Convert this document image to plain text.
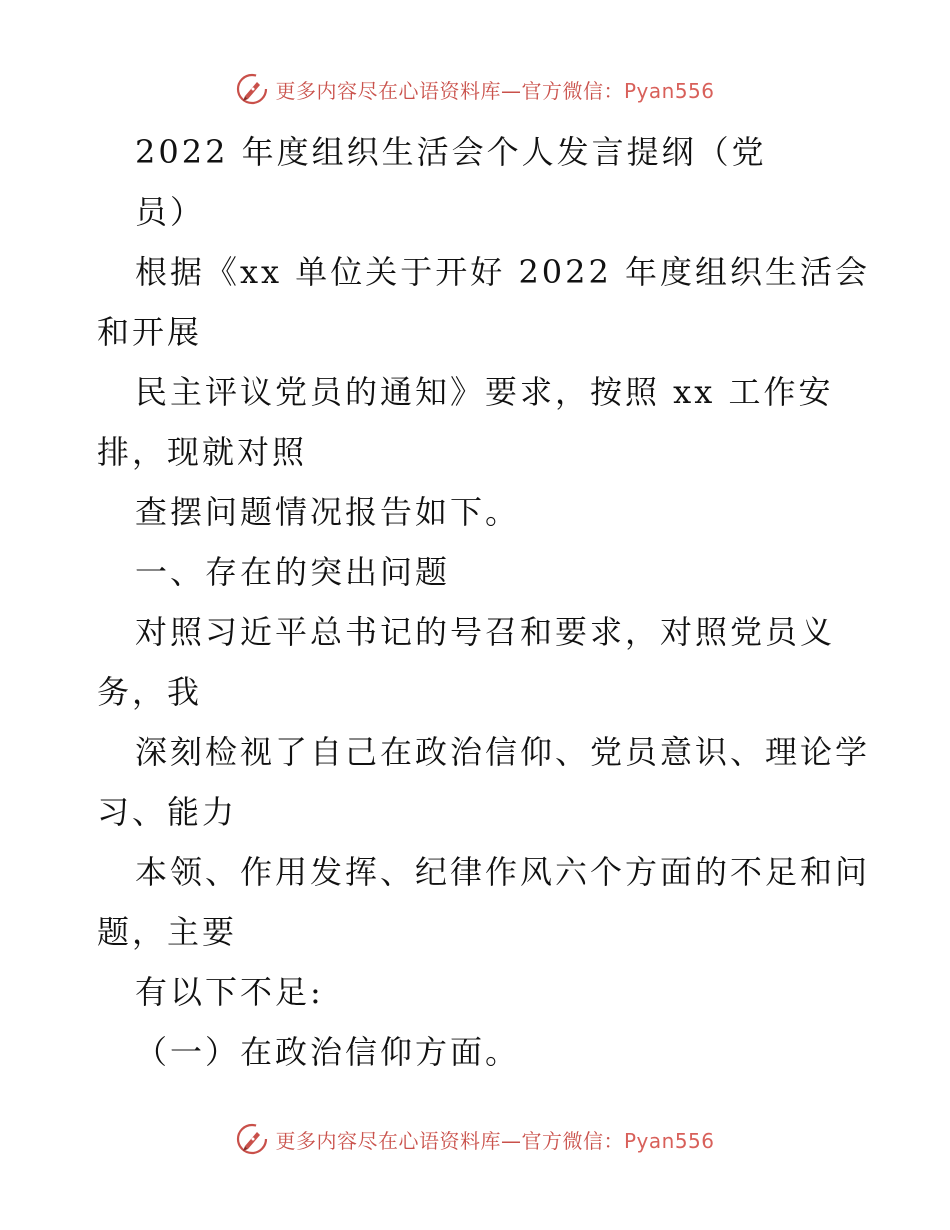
更多内容尽在心语资料库—官方微信：Pyan556
2022 年度组织生活会个人发言提纲（党
员）
根据《xx 单位关于开好 2022 年度组织生活会
和开展
民主评议党员的通知》要求，按照 xx 工作安
排，现就对照
查摆问题情况报告如下。
一、存在的突出问题
对照习近平总书记的号召和要求，对照党员义
务，我
深刻检视了自己在政治信仰、党员意识、理论学
习、能力
本领、作用发挥、纪律作风六个方面的不足和问
题，主要
有以下不足:
（一）在政治信仰方面。
更多内容尽在心语资料库—官方微信：Pyan556
